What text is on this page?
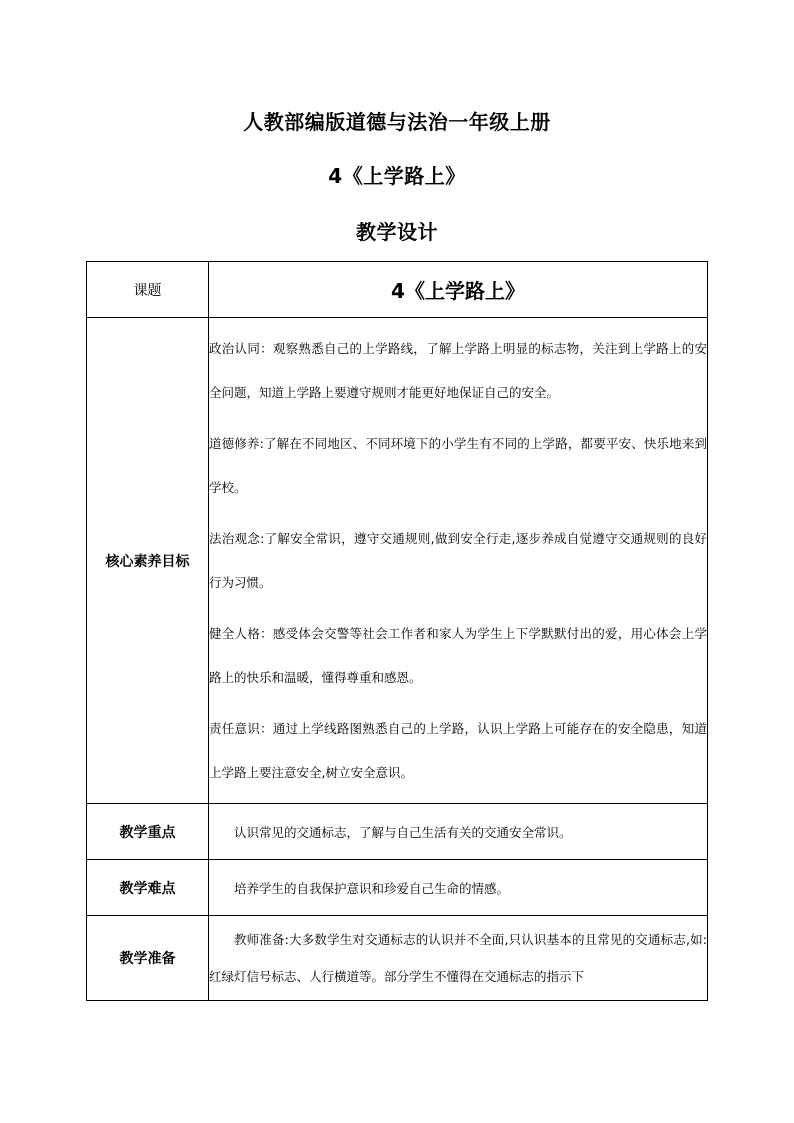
人教部编版道德与法治一年级上册
4《上学路上》
教学设计
课题	4《上学路上》
核心素养目标	政治认同：观察熟悉自己的上学路线，了解上学路上明显的标志物，关注到上学路上的安全问题，知道上学路上要遵守规则才能更好地保证自己的安全。

道德修养:了解在不同地区、不同环境下的小学生有不同的上学路，都要平安、快乐地来到学校。

法治观念:了解安全常识，遵守交通规则,做到安全行走,逐步养成自觉遵守交通规则的良好行为习惯。

健全人格：感受体会交警等社会工作者和家人为学生上下学默默付出的爱，用心体会上学路上的快乐和温暖，懂得尊重和感恩。

责任意识：通过上学线路图熟悉自己的上学路，认识上学路上可能存在的安全隐患，知道上学路上要注意安全,树立安全意识。

教学重点	认识常见的交通标志，了解与自己生活有关的交通安全常识。
教学难点	培养学生的自我保护意识和珍爱自己生命的情感。
教学准备	教师准备:大多数学生对交通标志的认识并不全面,只认识基本的且常见的交通标志,如:红绿灯信号标志、人行横道等。部分学生不懂得在交通标志的指示下
